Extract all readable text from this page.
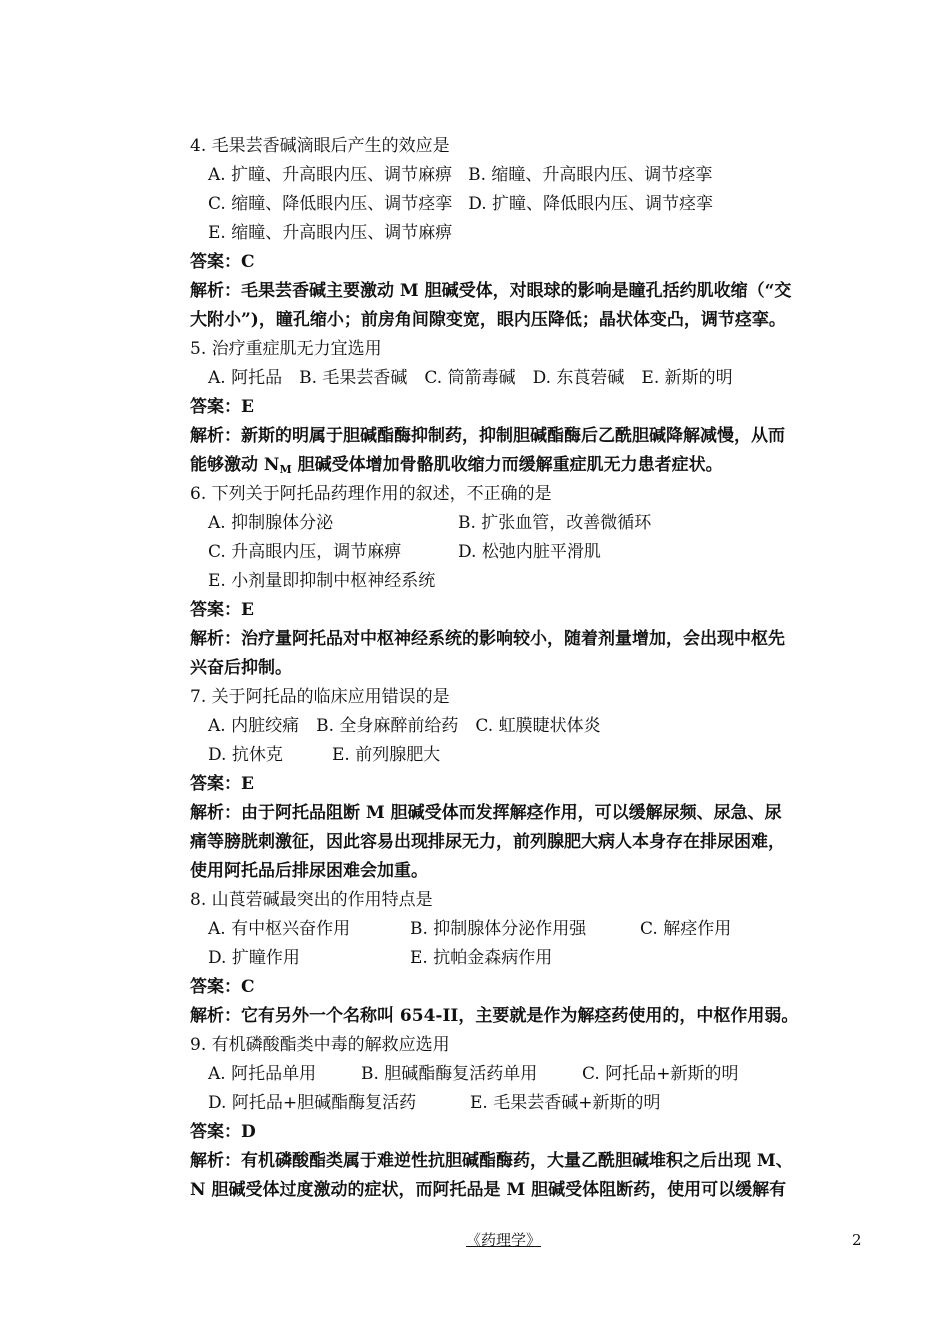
4. 毛果芸香碱滴眼后产生的效应是
A. 扩瞳、升高眼内压、调节麻痹 B. 缩瞳、升高眼内压、调节痉挛
C. 缩瞳、降低眼内压、调节痉挛 D. 扩瞳、降低眼内压、调节痉挛
E. 缩瞳、升高眼内压、调节麻痹
答案：C
解析：毛果芸香碱主要激动 M 胆碱受体，对眼球的影响是瞳孔括约肌收缩（“交
大附小”)，瞳孔缩小；前房角间隙变宽，眼内压降低；晶状体变凸，调节痉挛。
5. 治疗重症肌无力宜选用
A. 阿托品　B. 毛果芸香碱　C. 筒箭毒碱　D. 东莨菪碱　E. 新斯的明
答案：E
解析：新斯的明属于胆碱酯酶抑制药，抑制胆碱酯酶后乙酰胆碱降解减慢，从而
能够激动 $N_M$ 胆碱受体增加骨骼肌收缩力而缓解重症肌无力患者症状。
6. 下列关于阿托品药理作用的叙述，不正确的是
A. 抑制腺体分泌	B. 扩张血管，改善微循环
C. 升高眼内压，调节麻痹	D. 松弛内脏平滑肌
E. 小剂量即抑制中枢神经系统
答案：E
解析：治疗量阿托品对中枢神经系统的影响较小，随着剂量增加，会出现中枢先
兴奋后抑制。
7. 关于阿托品的临床应用错误的是
A. 内脏绞痛　B. 全身麻醉前给药　C. 虹膜睫状体炎
D. 抗休克	E. 前列腺肥大
答案：E
解析：由于阿托品阻断 M 胆碱受体而发挥解痉作用，可以缓解尿频、尿急、尿
痛等膀胱刺激征，因此容易出现排尿无力，前列腺肥大病人本身存在排尿困难，
使用阿托品后排尿困难会加重。
8. 山莨菪碱最突出的作用特点是
A. 有中枢兴奋作用	B. 抑制腺体分泌作用强	C. 解痉作用
D. 扩瞳作用	E. 抗帕金森病作用
答案：C
解析：它有另外一个名称叫 654-II，主要就是作为解痉药使用的，中枢作用弱。
9. 有机磷酸酯类中毒的解救应选用
A. 阿托品单用	B. 胆碱酯酶复活药单用	C. 阿托品+新斯的明
D. 阿托品+胆碱酯酶复活药	E. 毛果芸香碱+新斯的明
答案：D
解析：有机磷酸酯类属于难逆性抗胆碱酯酶药，大量乙酰胆碱堆积之后出现 M、
N 胆碱受体过度激动的症状，而阿托品是 M 胆碱受体阻断药，使用可以缓解有
《药理学》	2
